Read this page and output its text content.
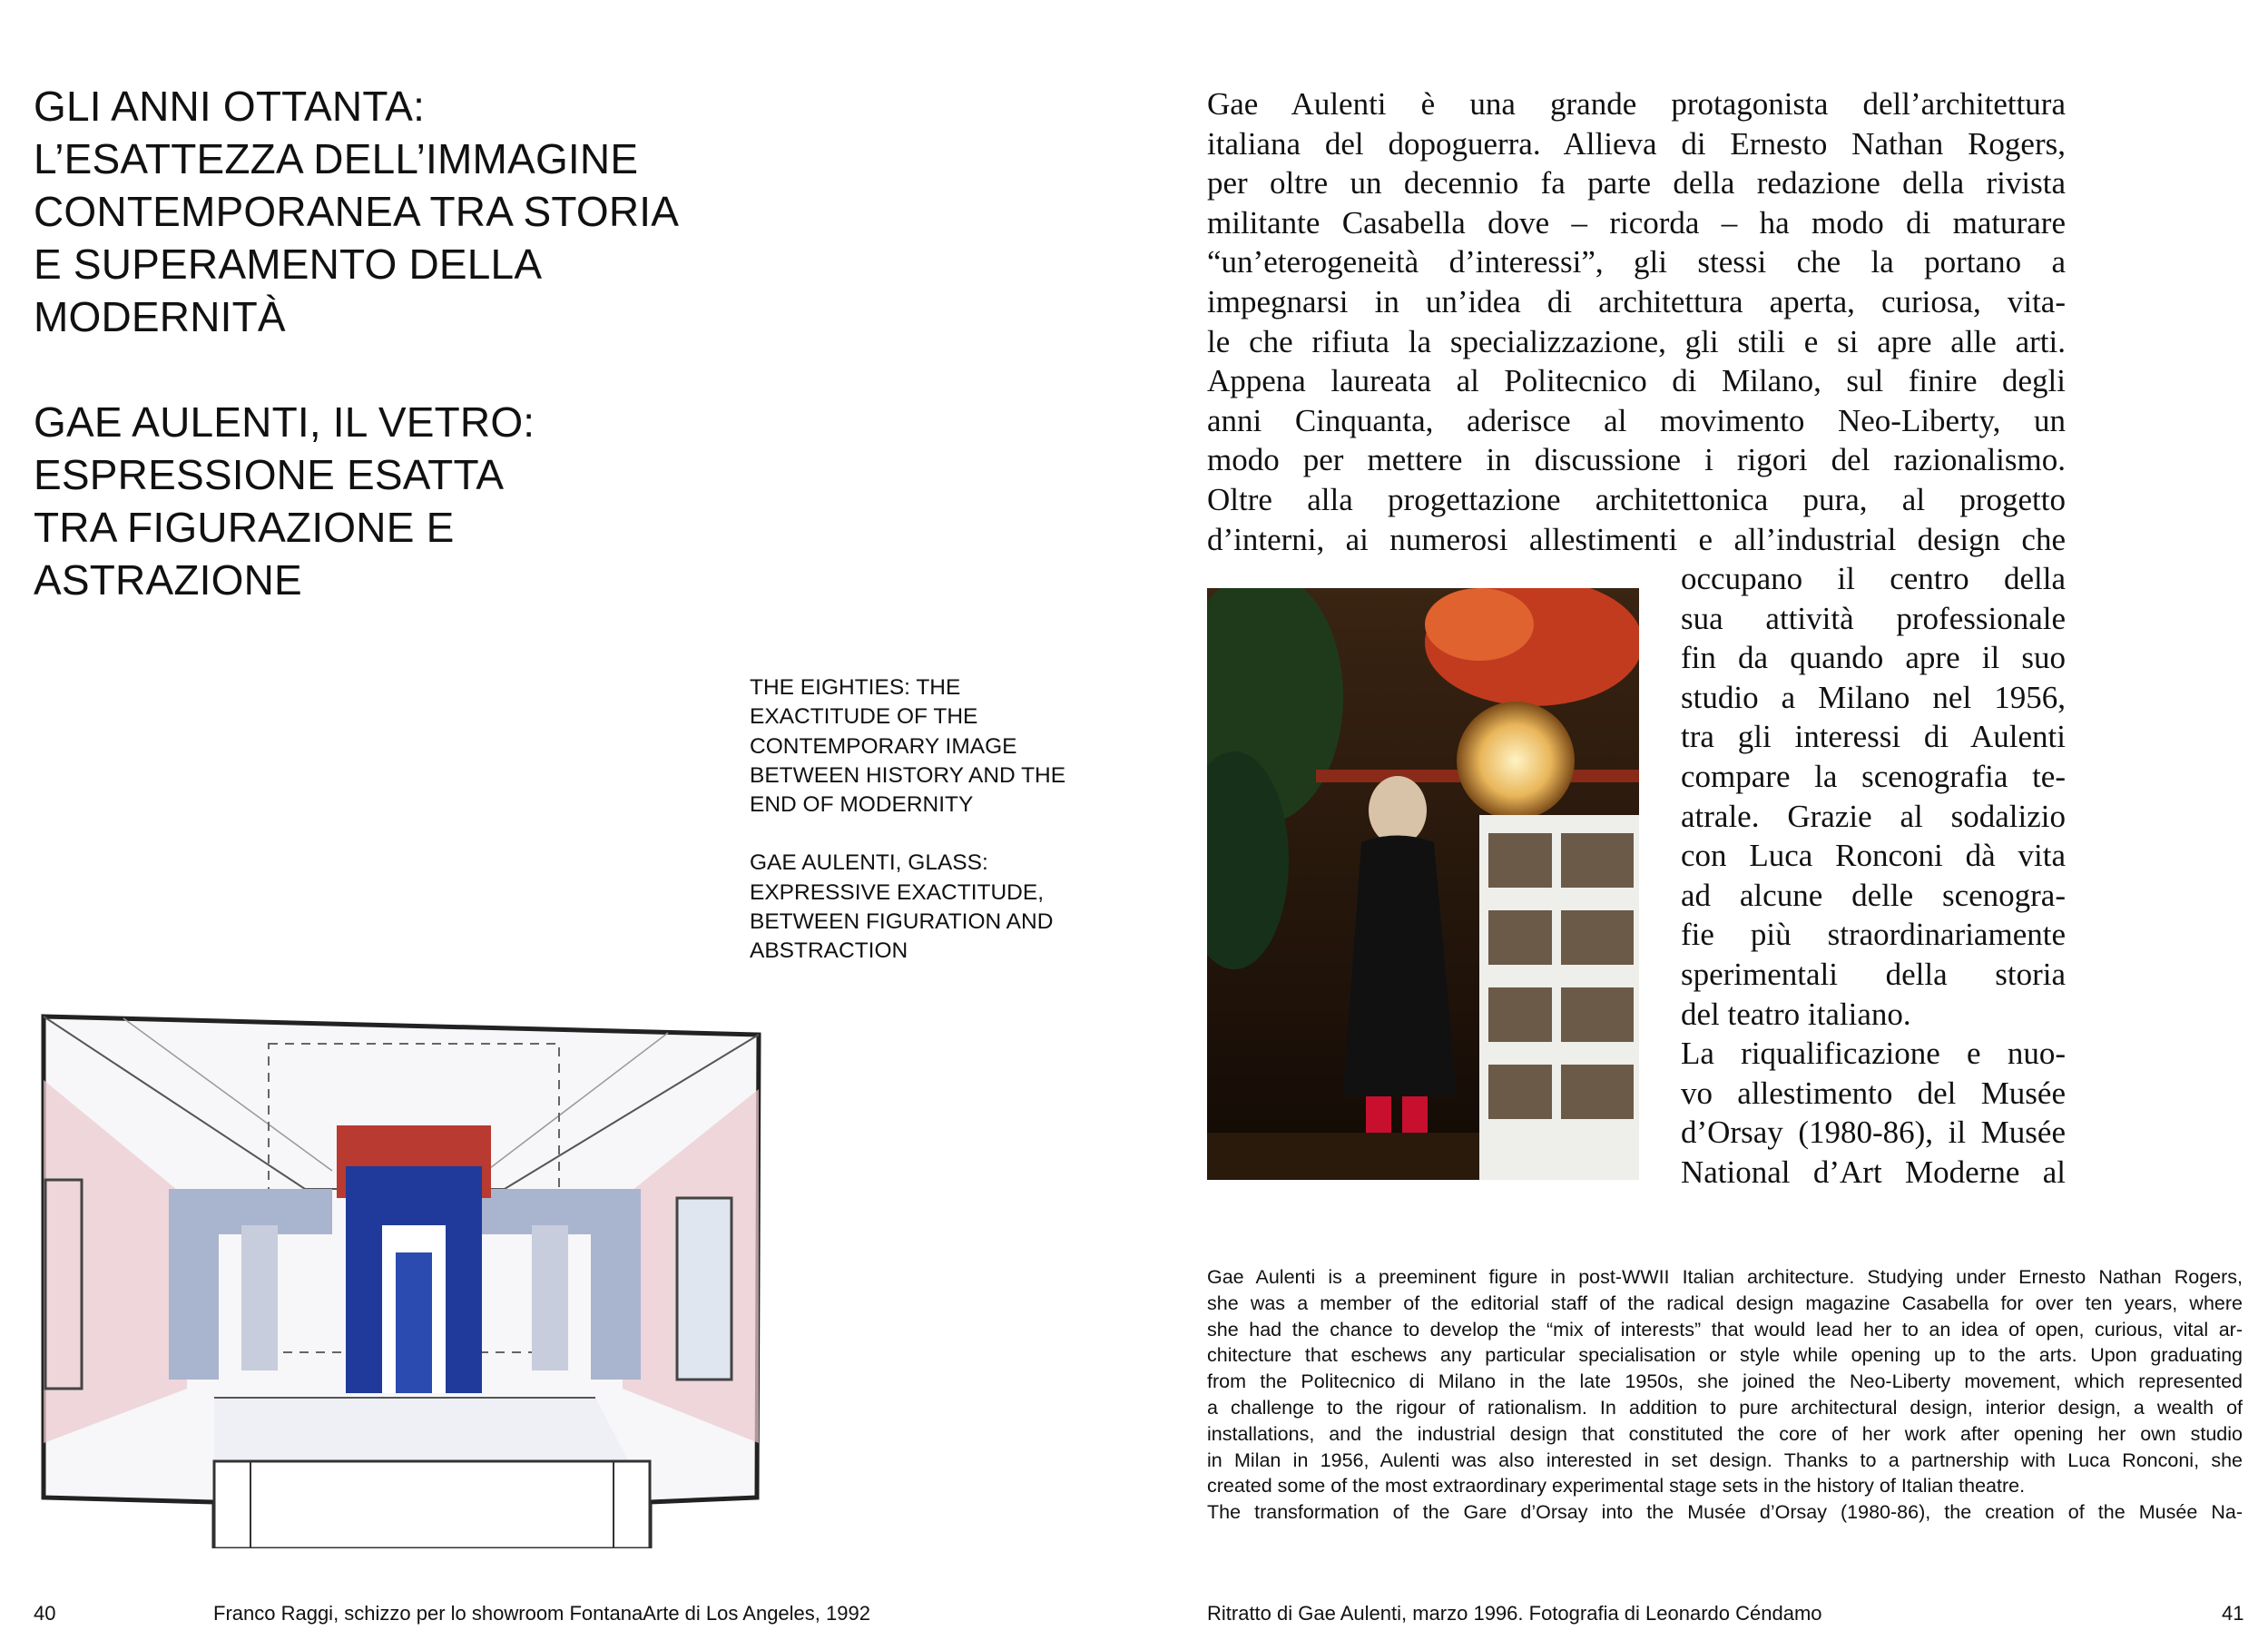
GLI ANNI OTTANTA:
L’ESATTEZZA DELL’IMMAGINE
CONTEMPORANEA TRA STORIA
E SUPERAMENTO DELLA
MODERNITÀ
GAE AULENTI, IL VETRO:
ESPRESSIONE ESATTA
TRA FIGURAZIONE E
ASTRAZIONE
THE EIGHTIES: THE
EXACTITUDE OF THE
CONTEMPORARY IMAGE
BETWEEN HISTORY AND THE
END OF MODERNITY
GAE AULENTI, GLASS:
EXPRESSIVE EXACTITUDE,
BETWEEN FIGURATION AND
ABSTRACTION
40	Franco Raggi, schizzo per lo showroom FontanaArte di Los Angeles, 1992
Gae Aulenti è una grande protagonista dell’architettura
italiana del dopoguerra. Allieva di Ernesto Nathan Rogers,
per oltre un decennio fa parte della redazione della rivista
militante Casabella dove – ricorda – ha modo di maturare
“un’eterogeneità d’interessi”, gli stessi che la portano a
impegnarsi in un’idea di architettura aperta, curiosa, vita-
le che rifiuta la specializzazione, gli stili e si apre alle arti.
Appena laureata al Politecnico di Milano, sul finire degli
anni Cinquanta, aderisce al movimento Neo-Liberty, un
modo per mettere in discussione i rigori del razionalismo.
Oltre alla progettazione architettonica pura, al progetto
d’interni, ai numerosi allestimenti e all’industrial design che
occupano il centro della
sua attività professionale
fin da quando apre il suo
studio a Milano nel 1956,
tra gli interessi di Aulenti
compare la scenografia te-
atrale. Grazie al sodalizio
con Luca Ronconi dà vita
ad alcune delle scenogra-
fie più straordinariamente
sperimentali della storia
del teatro italiano.
La riqualificazione e nuo-
vo allestimento del Musée
d’Orsay (1980-86), il Musée
National d’Art Moderne al
Gae Aulenti is a preeminent figure in post-WWII Italian architecture. Studying under Ernesto Nathan Rogers,
she was a member of the editorial staff of the radical design magazine Casabella for over ten years, where
she had the chance to develop the “mix of interests” that would lead her to an idea of open, curious, vital ar-
chitecture that eschews any particular specialisation or style while opening up to the arts. Upon graduating
from the Politecnico di Milano in the late 1950s, she joined the Neo-Liberty movement, which represented
a challenge to the rigour of rationalism. In addition to pure architectural design, interior design, a wealth of
installations, and the industrial design that constituted the core of her work after opening her own studio
in Milan in 1956, Aulenti was also interested in set design. Thanks to a partnership with Luca Ronconi, she
created some of the most extraordinary experimental stage sets in the history of Italian theatre.
The transformation of the Gare d’Orsay into the Musée d’Orsay (1980-86), the creation of the Musée Na-
Ritratto di Gae Aulenti, marzo 1996. Fotografia di Leonardo Céndamo	41
